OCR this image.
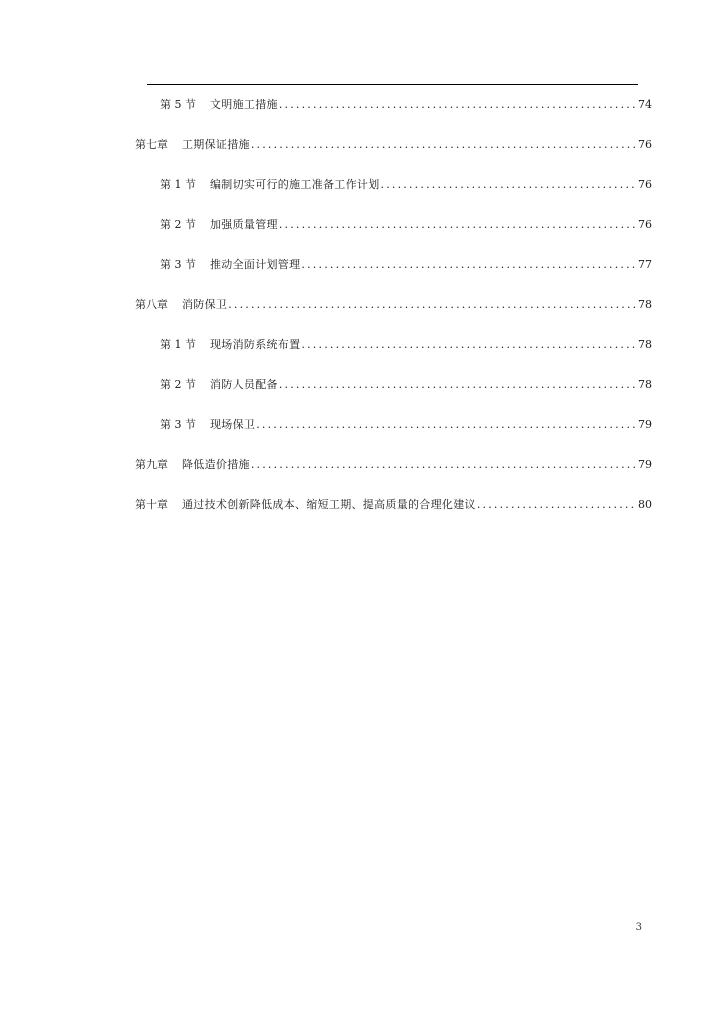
第 5 节 文明施工措施 .....	74
第七章 工期保证措施 .....	76
第 1 节 编制切实可行的施工准备工作计划 .....	76
第 2 节 加强质量管理 .....	76
第 3 节 推动全面计划管理 .....	77
第八章 消防保卫 .....	78
第 1 节 现场消防系统布置 .....	78
第 2 节 消防人员配备 .....	78
第 3 节 现场保卫 .....	79
第九章 降低造价措施 .....	79
第十章 通过技术创新降低成本、缩短工期、提高质量的合理化建议 .....	80
3
